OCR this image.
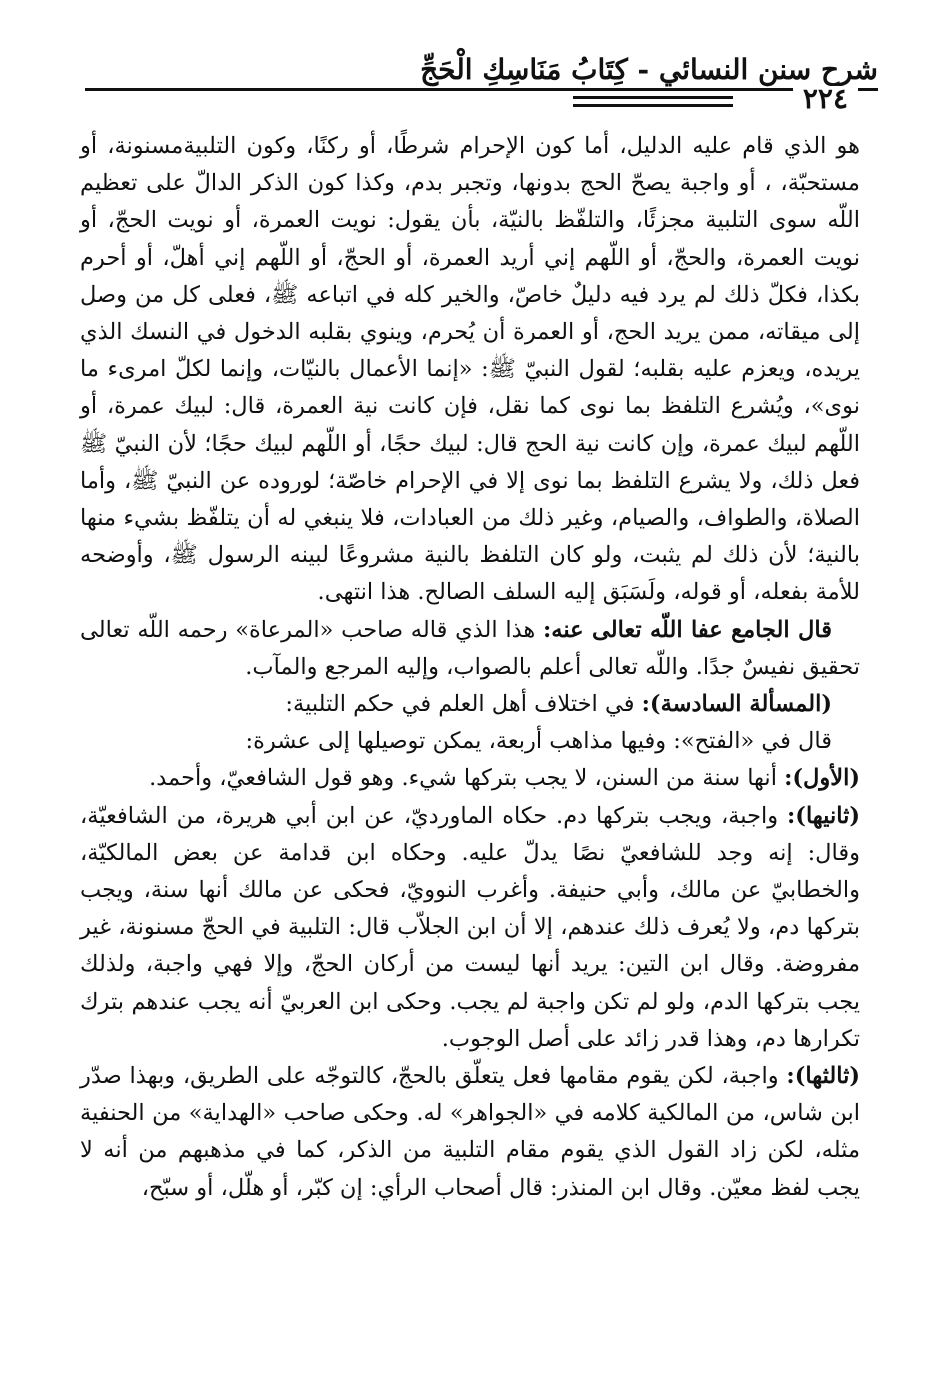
شرح سنن النسائي - كِتَابُ مَنَاسِكِ الْحَجِّ
٢٢٤

هو الذي قام عليه الدليل، أما كون الإحرام شرطًا، أو ركنًا، وكون التلبيةمسنونة، أو مستحبّة، ، أو واجبة يصحّ الحج بدونها، وتجبر بدم، وكذا كون الذكر الدالّ على تعظيم اللّه سوى التلبية مجزئًا، والتلفّظ بالنيّة، بأن يقول: نويت العمرة، أو نويت الحجّ، أو نويت العمرة، والحجّ، أو اللّهم إني أريد العمرة، أو الحجّ، أو اللّهم إني أهلّ، أو أحرم بكذا، فكلّ ذلك لم يرد فيه دليلٌ خاصّ، والخير كله في اتباعه ﷺ، فعلى كل من وصل إلى ميقاته، ممن يريد الحج، أو العمرة أن يُحرم، وينوي بقلبه الدخول في النسك الذي يريده، ويعزم عليه بقلبه؛ لقول النبيّ ﷺ: «إنما الأعمال بالنيّات، وإنما لكلّ امرىء ما نوى»، ويُشرع التلفظ بما نوى كما نقل، فإن كانت نية العمرة، قال: لبيك عمرة، أو اللّهم لبيك عمرة، وإن كانت نية الحج قال: لبيك حجًا، أو اللّهم لبيك حجًا؛ لأن النبيّ ﷺ فعل ذلك، ولا يشرع التلفظ بما نوى إلا في الإحرام خاصّة؛ لوروده عن النبيّ ﷺ، وأما الصلاة، والطواف، والصيام، وغير ذلك من العبادات، فلا ينبغي له أن يتلفّظ بشيء منها بالنية؛ لأن ذلك لم يثبت، ولو كان التلفظ بالنية مشروعًا لبينه الرسول ﷺ، وأوضحه للأمة بفعله، أو قوله، ولَسَبَق إليه السلف الصالح. هذا انتهى.

قال الجامع عفا اللّه تعالى عنه: هذا الذي قاله صاحب «المرعاة» رحمه اللّه تعالى تحقيق نفيسٌ جدًا. واللّه تعالى أعلم بالصواب، وإليه المرجع والمآب.

(المسألة السادسة): في اختلاف أهل العلم في حكم التلبية:

قال في «الفتح»: وفيها مذاهب أربعة، يمكن توصيلها إلى عشرة:

(الأول): أنها سنة من السنن، لا يجب بتركها شيء. وهو قول الشافعيّ، وأحمد.

(ثانيها): واجبة، ويجب بتركها دم. حكاه الماورديّ، عن ابن أبي هريرة، من الشافعيّة، وقال: إنه وجد للشافعيّ نصًا يدلّ عليه. وحكاه ابن قدامة عن بعض المالكيّة، والخطابيّ عن مالك، وأبي حنيفة. وأغرب النوويّ، فحكى عن مالك أنها سنة، ويجب بتركها دم، ولا يُعرف ذلك عندهم، إلا أن ابن الجلاّب قال: التلبية في الحجّ مسنونة، غير مفروضة. وقال ابن التين: يريد أنها ليست من أركان الحجّ، وإلا فهي واجبة، ولذلك يجب بتركها الدم، ولو لم تكن واجبة لم يجب. وحكى ابن العربيّ أنه يجب عندهم بترك تكرارها دم، وهذا قدر زائد على أصل الوجوب.

(ثالثها): واجبة، لكن يقوم مقامها فعل يتعلّق بالحجّ، كالتوجّه على الطريق، وبهذا صدّر ابن شاس، من المالكية كلامه في «الجواهر» له. وحكى صاحب «الهداية» من الحنفية مثله، لكن زاد القول الذي يقوم مقام التلبية من الذكر، كما في مذهبهم من أنه لا يجب لفظ معيّن. وقال ابن المنذر: قال أصحاب الرأي: إن كبّر، أو هلّل، أو سبّح،
